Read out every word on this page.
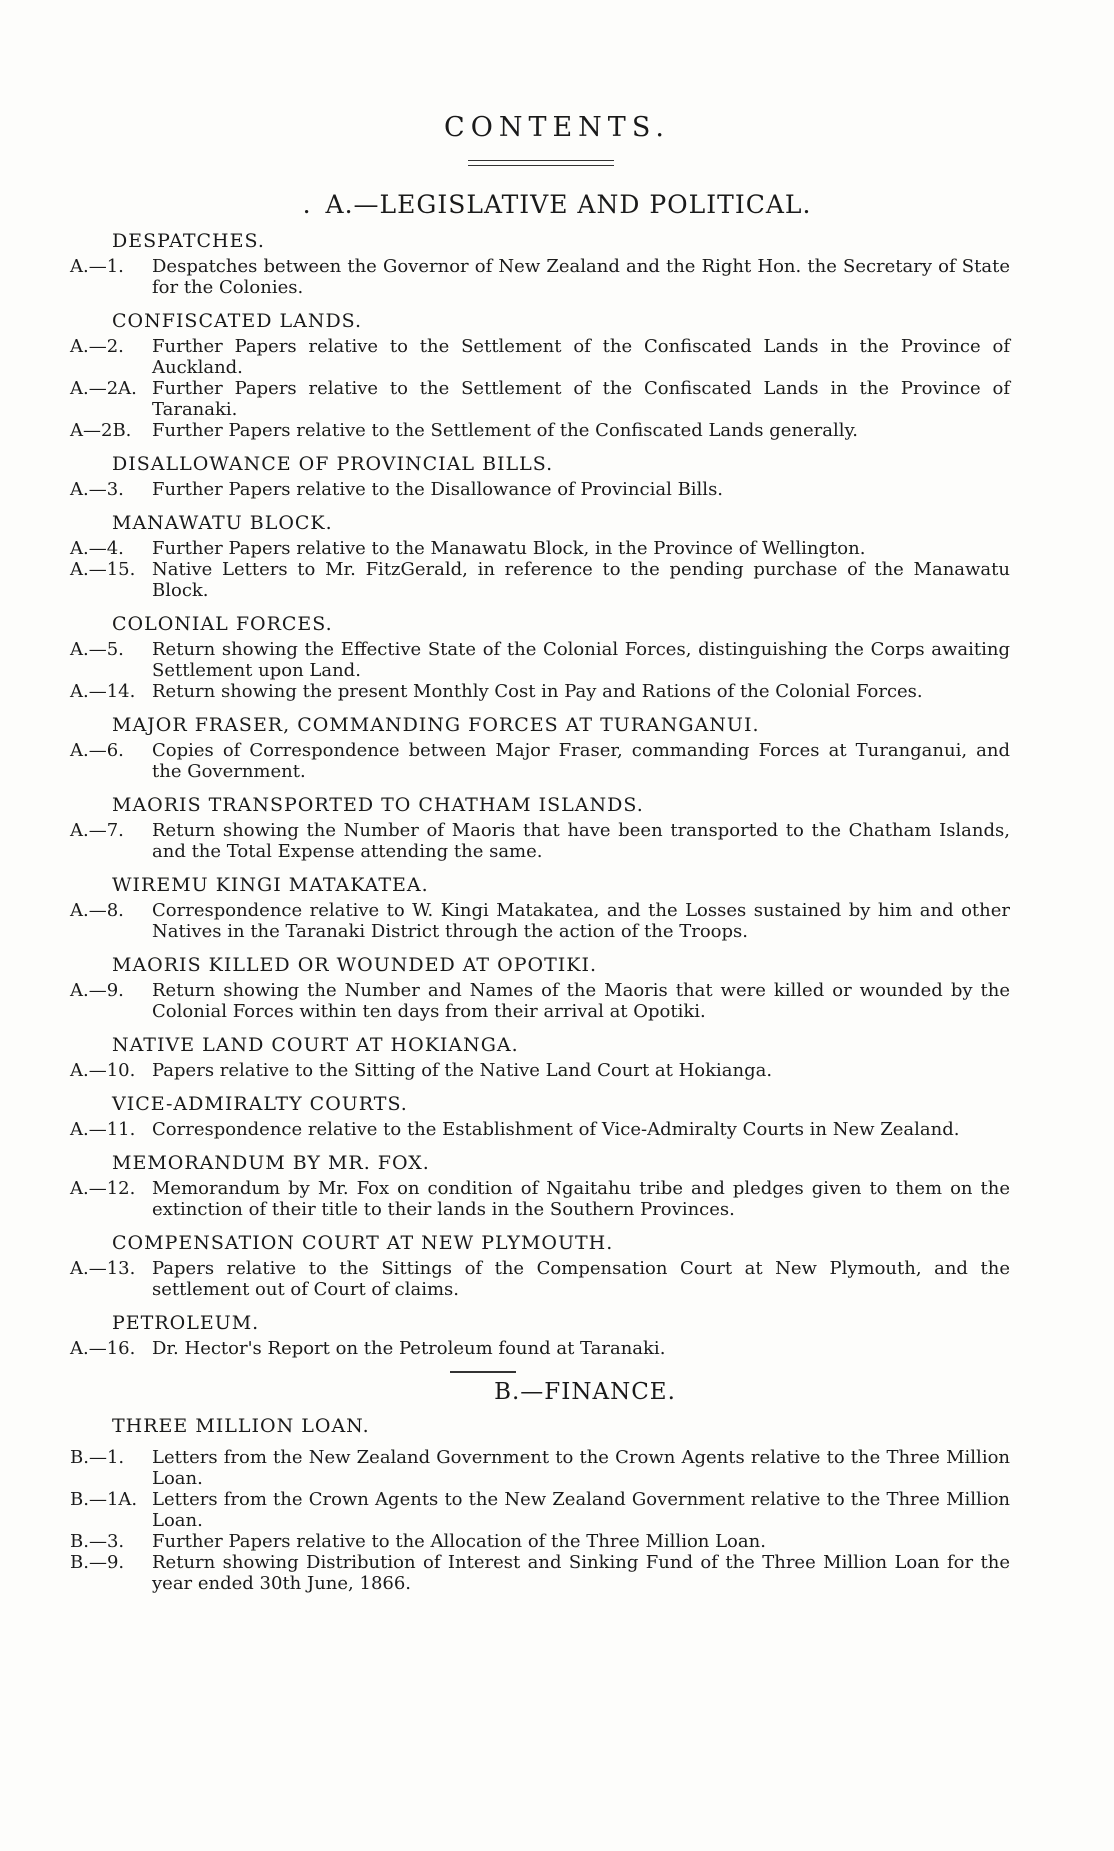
CONTENTS.
. A.—LEGISLATIVE AND POLITICAL.
DESPATCHES.
A.—1. Despatches between the Governor of New Zealand and the Right Hon. the Secretary of State for the Colonies.
CONFISCATED LANDS.
A.—2. Further Papers relative to the Settlement of the Confiscated Lands in the Province of Auckland.
A.—2A. Further Papers relative to the Settlement of the Confiscated Lands in the Province of Taranaki.
A—2B. Further Papers relative to the Settlement of the Confiscated Lands generally.
DISALLOWANCE OF PROVINCIAL BILLS.
A.—3. Further Papers relative to the Disallowance of Provincial Bills.
MANAWATU BLOCK.
A.—4. Further Papers relative to the Manawatu Block, in the Province of Wellington.
A.—15. Native Letters to Mr. FitzGerald, in reference to the pending purchase of the Manawatu Block.
COLONIAL FORCES.
A.—5. Return showing the Effective State of the Colonial Forces, distinguishing the Corps awaiting Settlement upon Land.
A.—14. Return showing the present Monthly Cost in Pay and Rations of the Colonial Forces.
MAJOR FRASER, COMMANDING FORCES AT TURANGANUI.
A.—6. Copies of Correspondence between Major Fraser, commanding Forces at Turanganui, and the Government.
MAORIS TRANSPORTED TO CHATHAM ISLANDS.
A.—7. Return showing the Number of Maoris that have been transported to the Chatham Islands, and the Total Expense attending the same.
WIREMU KINGI MATAKATEA.
A.—8. Correspondence relative to W. Kingi Matakatea, and the Losses sustained by him and other Natives in the Taranaki District through the action of the Troops.
MAORIS KILLED OR WOUNDED AT OPOTIKI.
A.—9. Return showing the Number and Names of the Maoris that were killed or wounded by the Colonial Forces within ten days from their arrival at Opotiki.
NATIVE LAND COURT AT HOKIANGA.
A.—10. Papers relative to the Sitting of the Native Land Court at Hokianga.
VICE-ADMIRALTY COURTS.
A.—11. Correspondence relative to the Establishment of Vice-Admiralty Courts in New Zealand.
MEMORANDUM BY MR. FOX.
A.—12. Memorandum by Mr. Fox on condition of Ngaitahu tribe and pledges given to them on the extinction of their title to their lands in the Southern Provinces.
COMPENSATION COURT AT NEW PLYMOUTH.
A.—13. Papers relative to the Sittings of the Compensation Court at New Plymouth, and the settlement out of Court of claims.
PETROLEUM.
A.—16. Dr. Hector's Report on the Petroleum found at Taranaki.
B.—FINANCE.
THREE MILLION LOAN.
B.—1. Letters from the New Zealand Government to the Crown Agents relative to the Three Million Loan.
B.—1A. Letters from the Crown Agents to the New Zealand Government relative to the Three Million Loan.
B.—3. Further Papers relative to the Allocation of the Three Million Loan.
B.—9. Return showing Distribution of Interest and Sinking Fund of the Three Million Loan for the year ended 30th June, 1866.
